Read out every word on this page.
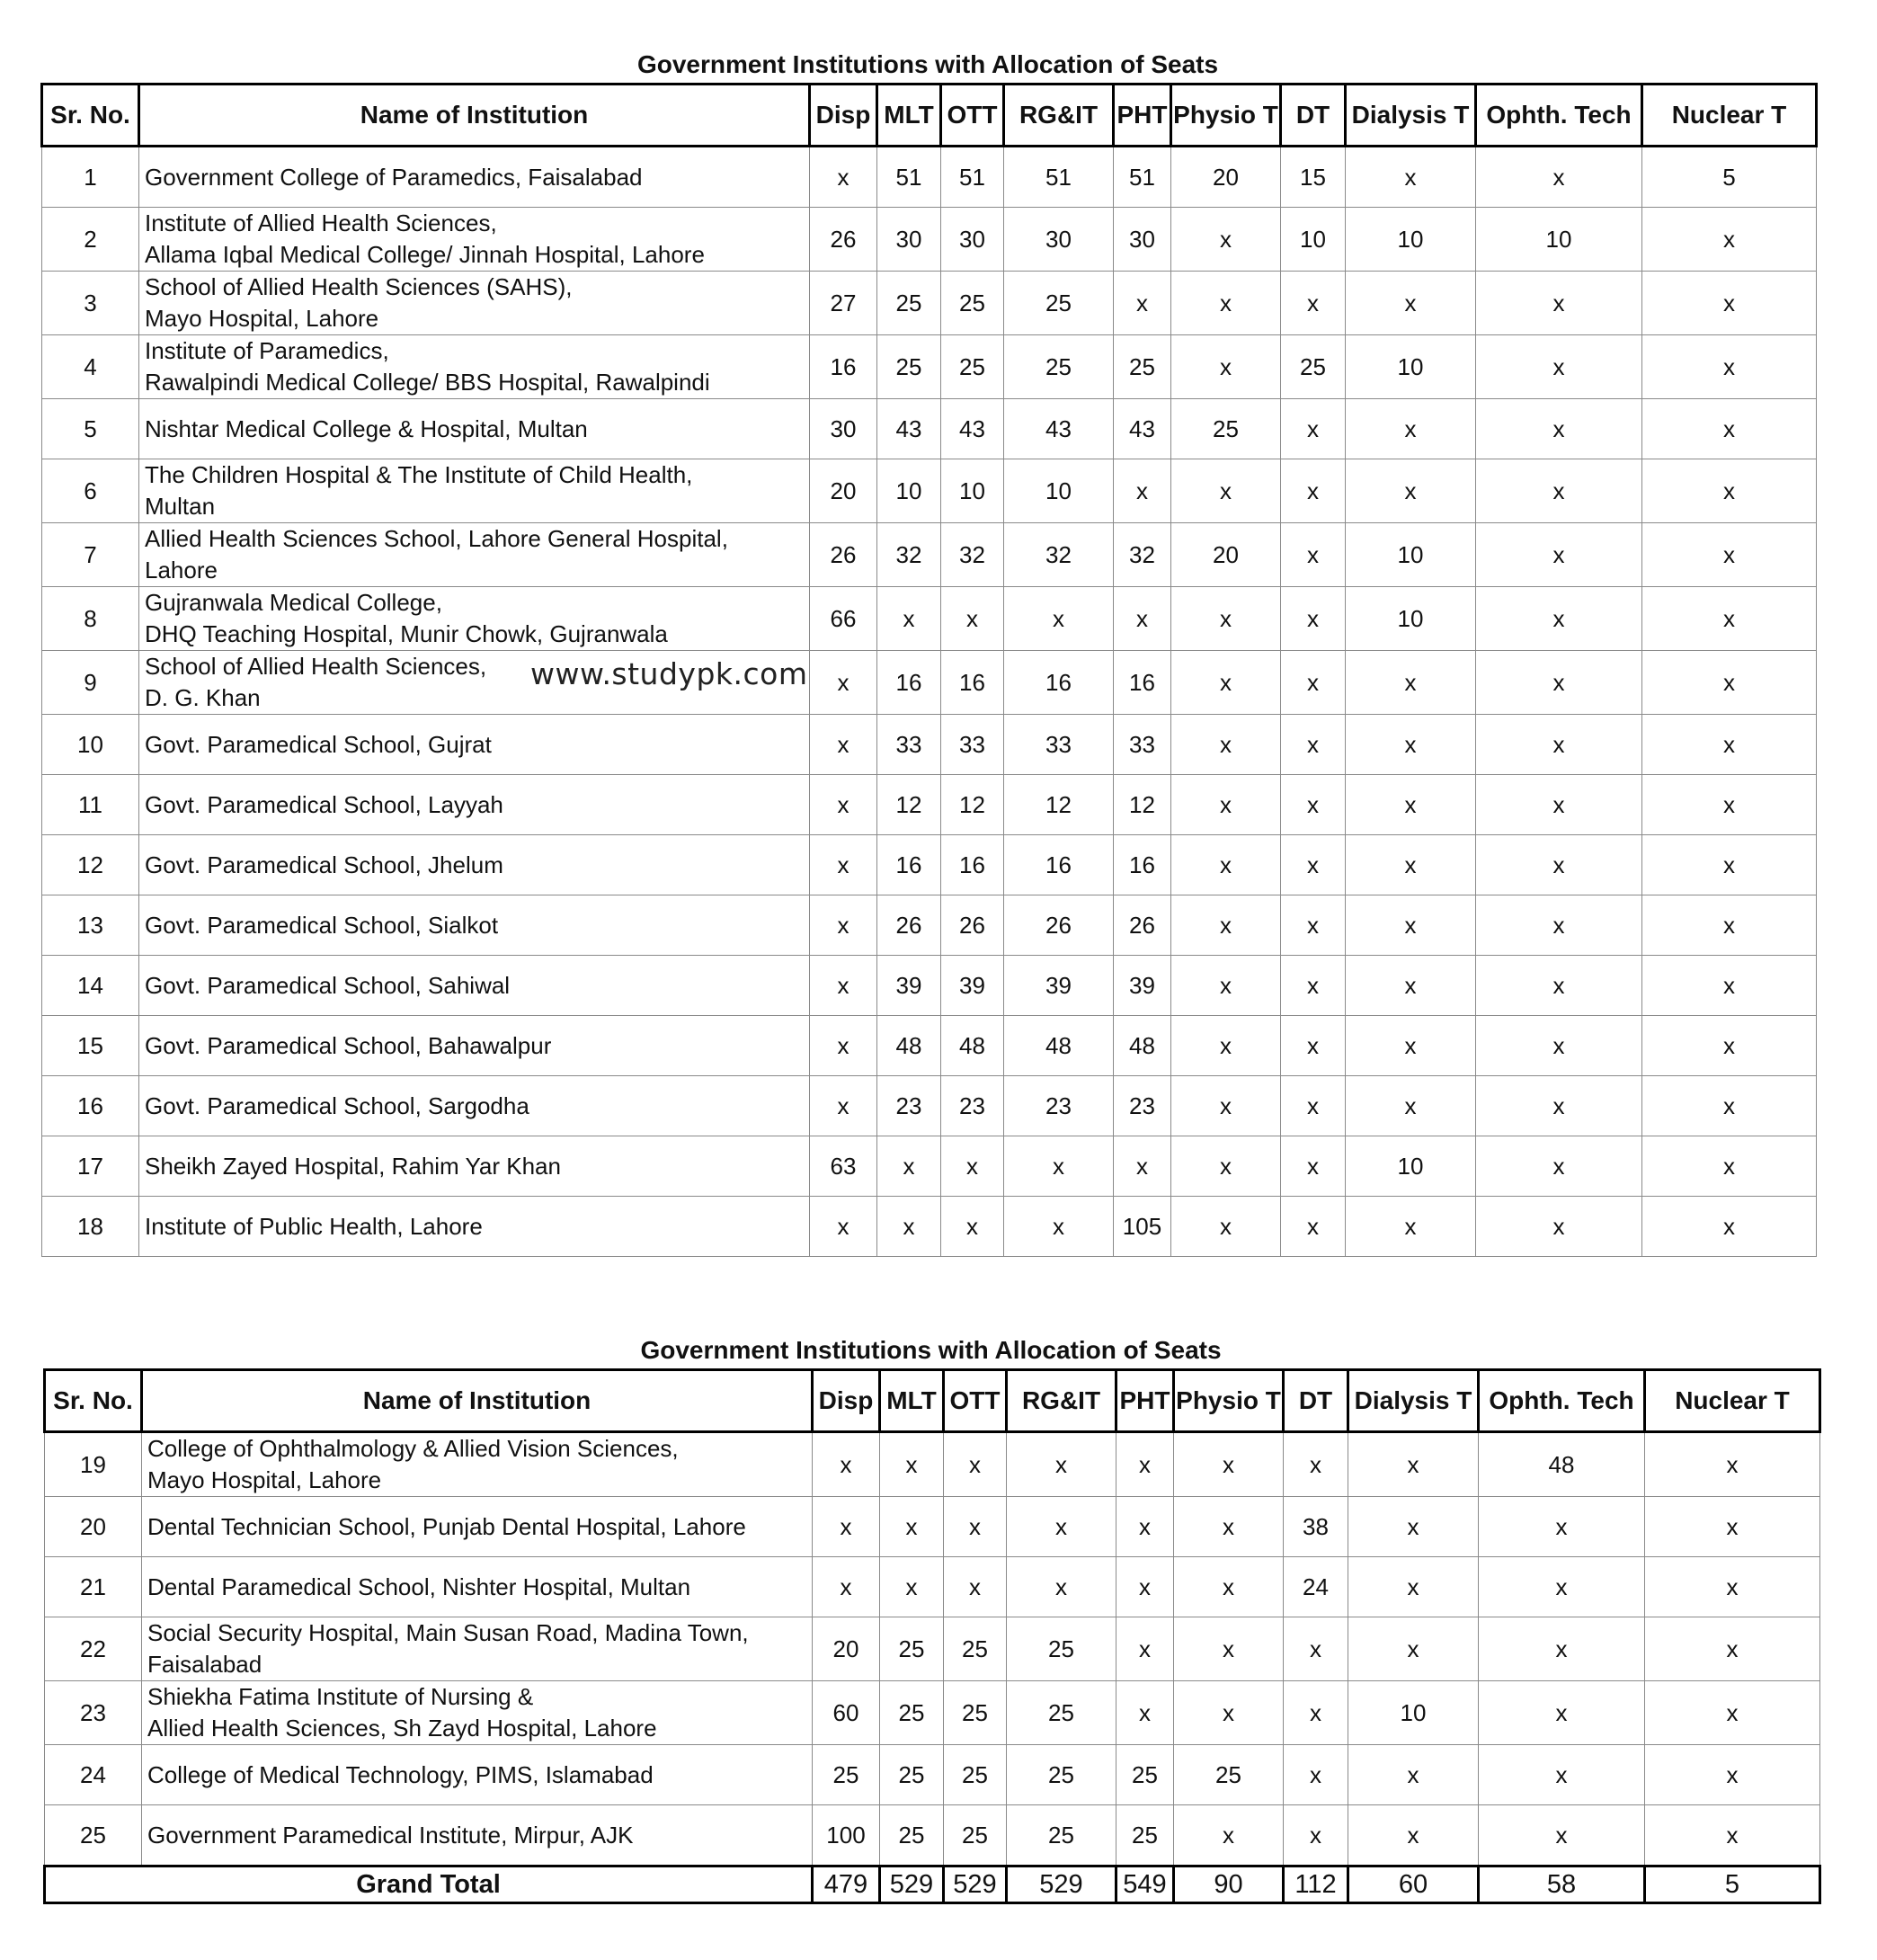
Government Institutions with Allocation of Seats
Sr. No.	Name of Institution	Disp	MLT	OTT	RG&IT	PHT	Physio T	DT	Dialysis T	Ophth. Tech	Nuclear T
1	Government College of Paramedics, Faisalabad	x	51	51	51	51	20	15	x	x	5
2	Institute of Allied Health Sciences,
Allama Iqbal Medical College/ Jinnah Hospital, Lahore	26	30	30	30	30	x	10	10	10	x
3	School of Allied Health Sciences (SAHS),
Mayo Hospital, Lahore	27	25	25	25	x	x	x	x	x	x
4	Institute of Paramedics,
Rawalpindi Medical College/ BBS Hospital, Rawalpindi	16	25	25	25	25	x	25	10	x	x
5	Nishtar Medical College & Hospital, Multan	30	43	43	43	43	25	x	x	x	x
6	The Children Hospital & The Institute of Child Health,
Multan	20	10	10	10	x	x	x	x	x	x
7	Allied Health Sciences School, Lahore General Hospital,
Lahore	26	32	32	32	32	20	x	10	x	x
8	Gujranwala Medical College,
DHQ Teaching Hospital, Munir Chowk, Gujranwala	66	x	x	x	x	x	x	10	x	x
9	School of Allied Health Sciences,
D. G. Khan	x	16	16	16	16	x	x	x	x	x
10	Govt. Paramedical School, Gujrat	x	33	33	33	33	x	x	x	x	x
11	Govt. Paramedical School, Layyah	x	12	12	12	12	x	x	x	x	x
12	Govt. Paramedical School, Jhelum	x	16	16	16	16	x	x	x	x	x
13	Govt. Paramedical School, Sialkot	x	26	26	26	26	x	x	x	x	x
14	Govt. Paramedical School, Sahiwal	x	39	39	39	39	x	x	x	x	x
15	Govt. Paramedical School, Bahawalpur	x	48	48	48	48	x	x	x	x	x
16	Govt. Paramedical School, Sargodha	x	23	23	23	23	x	x	x	x	x
17	Sheikh Zayed Hospital, Rahim Yar Khan	63	x	x	x	x	x	x	10	x	x
18	Institute of Public Health, Lahore	x	x	x	x	105	x	x	x	x	x
www.studypk.com
Government Institutions with Allocation of Seats
Sr. No.	Name of Institution	Disp	MLT	OTT	RG&IT	PHT	Physio T	DT	Dialysis T	Ophth. Tech	Nuclear T
19	College of Ophthalmology & Allied Vision Sciences,
Mayo Hospital, Lahore	x	x	x	x	x	x	x	x	48	x
20	Dental Technician School, Punjab Dental Hospital, Lahore	x	x	x	x	x	x	38	x	x	x
21	Dental Paramedical School, Nishter Hospital, Multan	x	x	x	x	x	x	24	x	x	x
22	Social Security Hospital, Main Susan Road, Madina Town,
Faisalabad	20	25	25	25	x	x	x	x	x	x
23	Shiekha Fatima Institute of Nursing &
Allied Health Sciences, Sh Zayd Hospital, Lahore	60	25	25	25	x	x	x	10	x	x
24	College of Medical Technology, PIMS, Islamabad	25	25	25	25	25	25	x	x	x	x
25	Government Paramedical Institute, Mirpur, AJK	100	25	25	25	25	x	x	x	x	x
Grand Total		479	529	529	529	549	90	112	60	58	5
